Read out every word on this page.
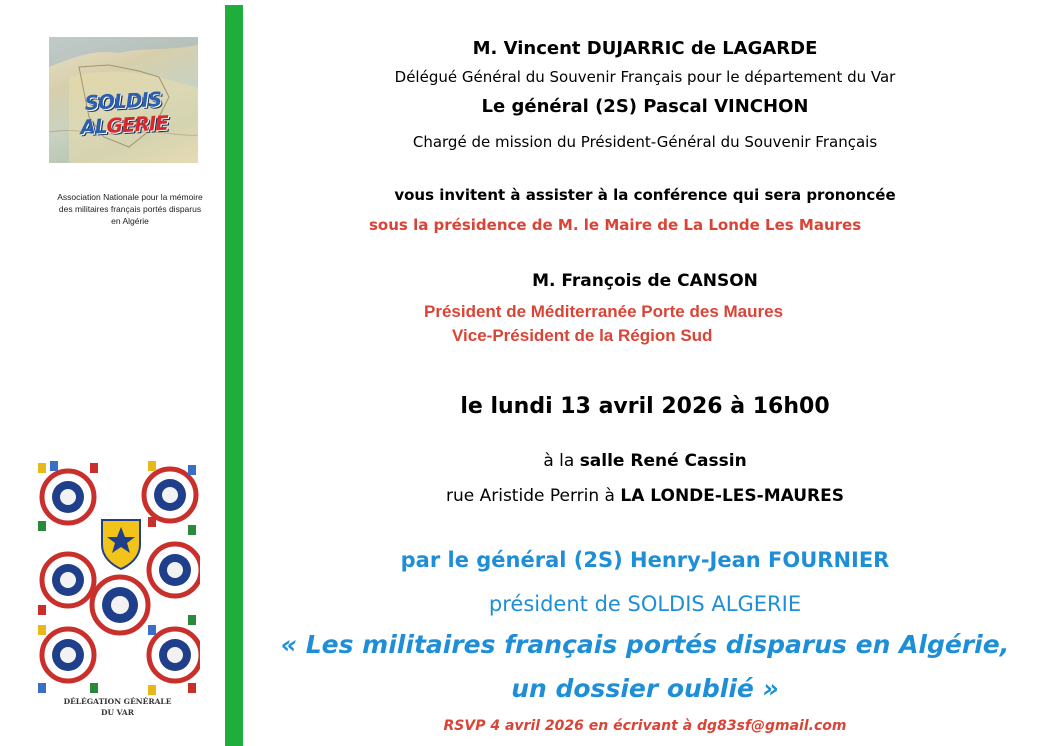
SOLDIS ALGERIE
Association Nationale pour la mémoire des militaires français portés disparus en Algérie
DÉLÉGATION GÉNÉRALE
DU VAR
M. Vincent DUJARRIC de LAGARDE
Délégué Général du Souvenir Français pour le département du Var
Le général (2S) Pascal VINCHON
Chargé de mission du Président-Général du Souvenir Français
vous invitent à assister à la conférence qui sera prononcée
sous la présidence de M. le Maire de La Londe Les Maures
M. François de CANSON
Président de Méditerranée Porte des Maures
Vice-Président de la Région Sud
le lundi 13 avril 2026 à 16h00
à la salle René Cassin
rue Aristide Perrin à LA LONDE-LES-MAURES
par le général (2S) Henry-Jean FOURNIER
président de SOLDIS ALGERIE
« Les militaires français portés disparus en Algérie,
un dossier oublié »
RSVP 4 avril 2026 en écrivant à dg83sf@gmail.com
